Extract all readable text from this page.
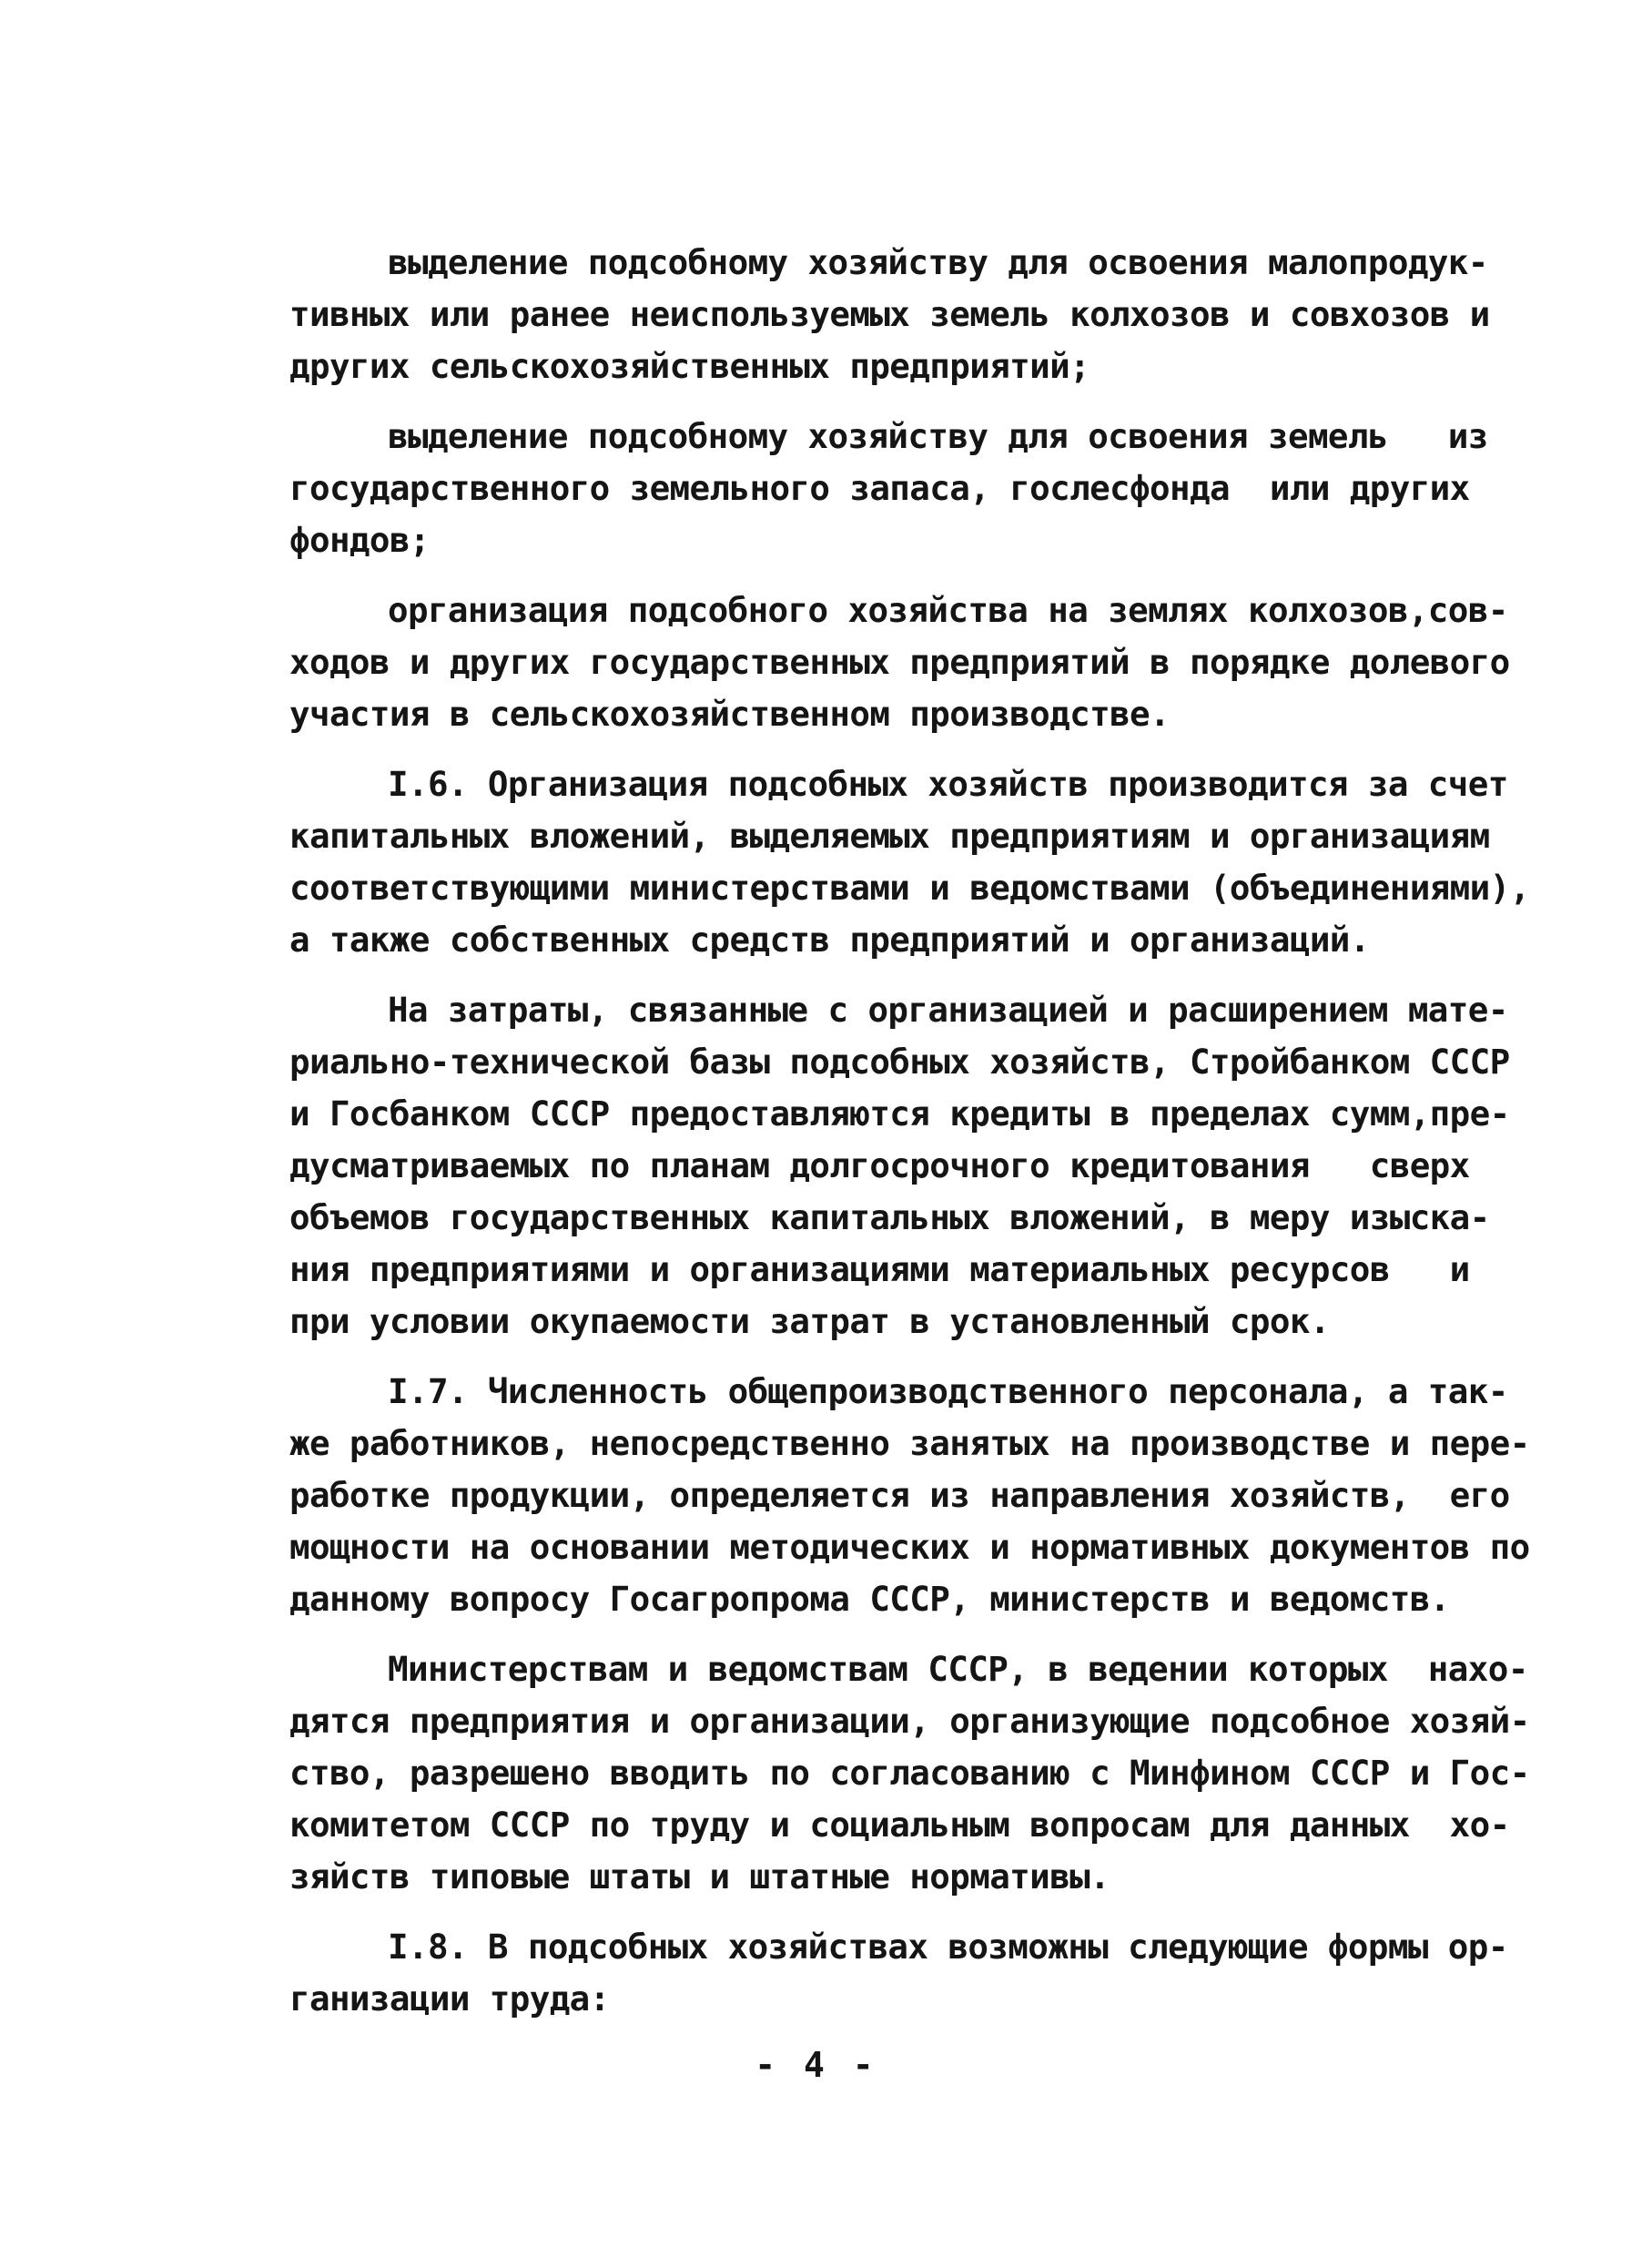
выделение подсобному хозяйству для освоения малопродук-
тивных или ранее неиспользуемых земель колхозов и совхозов и
других сельскохозяйственных предприятий;

выделение подсобному хозяйству для освоения земель   из
государственного земельного запаса, гослесфонда  или других
фондов;

организация подсобного хозяйства на землях колхозов,сов-
ходов и других государственных предприятий в порядке долевого
участия в сельскохозяйственном производстве.

I.6. Организация подсобных хозяйств производится за счет
капитальных вложений, выделяемых предприятиям и организациям
соответствующими министерствами и ведомствами (объединениями),
а также собственных средств предприятий и организаций.

На затраты, связанные с организацией и расширением мате-
риально-технической базы подсобных хозяйств, Стройбанком СССР
и Госбанком СССР предоставляются кредиты в пределах сумм,пре-
дусматриваемых по планам долгосрочного кредитования   сверх
объемов государственных капитальных вложений, в меру изыска-
ния предприятиями и организациями материальных ресурсов   и
при условии окупаемости затрат в установленный срок.

I.7. Численность общепроизводственного персонала, а так-
же работников, непосредственно занятых на производстве и пере-
работке продукции, определяется из направления хозяйств,  его
мощности на основании методических и нормативных документов по
данному вопросу Госагропрома СССР, министерств и ведомств.

Министерствам и ведомствам СССР, в ведении которых  нахо-
дятся предприятия и организации, организующие подсобное хозяй-
ство, разрешено вводить по согласованию с Минфином СССР и Гос-
комитетом СССР по труду и социальным вопросам для данных  хо-
зяйств типовые штаты и штатные нормативы.

I.8. В подсобных хозяйствах возможны следующие формы ор-
ганизации труда:

- 4 -
